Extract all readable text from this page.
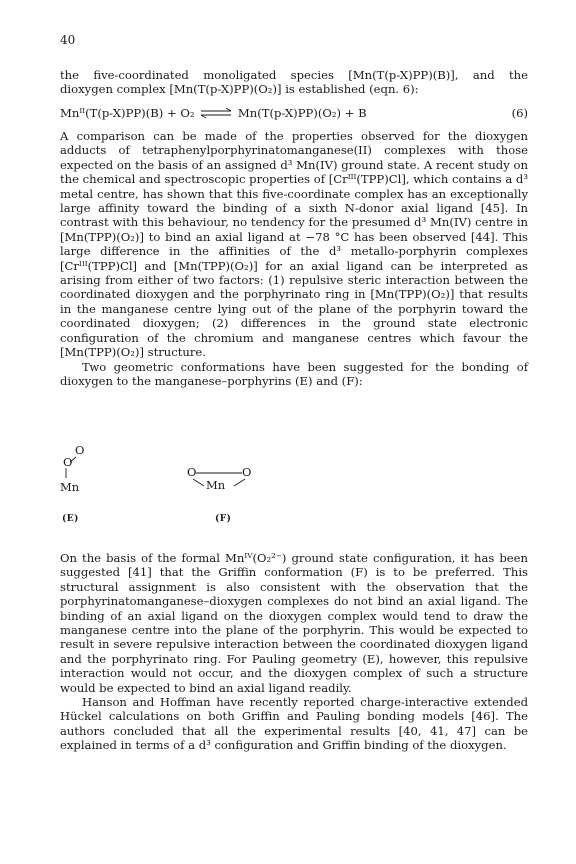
40

the five-coordinated monoligated species [Mn(T(p-X)PP)(B)], and the

dioxygen complex [Mn(T(p-X)PP)(O₂)] is established (eqn. 6):

Mnᴵᴵ(T(p-X)PP)(B) + O₂ ⇌ Mn(T(p-X)PP)(O₂) + B	(6)

A comparison can be made of the properties observed for the dioxygen adducts of tetraphenylporphyrinatomanganese(II) complexes with those expected on the basis of an assigned d³ Mn(IV) ground state. A recent study on the chemical and spectroscopic properties of [Crᴵᴵᴵ(TPP)Cl], which contains a d³ metal centre, has shown that this five-coordinate complex has an exceptionally large affinity toward the binding of a sixth N-donor axial ligand [45]. In contrast with this behaviour, no tendency for the presumed d³ Mn(IV) centre in [Mn(TPP)(O₂)] to bind an axial ligand at −78 °C has been observed [44]. This large difference in the affinities of the d³ metallo-porphyrin complexes [Crᴵᴵᴵ(TPP)Cl] and [Mn(TPP)(O₂)] for an axial ligand can be interpreted as arising from either of two factors: (1) repulsive steric interaction between the coordinated dioxygen and the porphyrinato ring in [Mn(TPP)(O₂)] that results in the manganese centre lying out of the plane of the porphyrin toward the coordinated dioxygen; (2) differences in the ground state electronic configuration of the chromium and manganese centres which favour the [Mn(TPP)(O₂)] structure.

Two geometric conformations have been suggested for the bonding of dioxygen to the manganese–porphyrins (E) and (F):

O
O
Mn
(E)
O	O
Mn
(F)

On the basis of the formal Mnᴵⱽ(O₂²⁻) ground state configuration, it has been suggested [41] that the Griffin conformation (F) is to be preferred. This structural assignment is also consistent with the observation that the porphyrinatomanganese–dioxygen complexes do not bind an axial ligand. The binding of an axial ligand on the dioxygen complex would tend to draw the manganese centre into the plane of the porphyrin. This would be expected to result in severe repulsive interaction between the coordinated dioxygen ligand and the porphyrinato ring. For Pauling geometry (E), however, this repulsive interaction would not occur, and the dioxygen complex of such a structure would be expected to bind an axial ligand readily.

Hanson and Hoffman have recently reported charge-interactive extended Hückel calculations on both Griffin and Pauling bonding models [46]. The authors concluded that all the experimental results [40, 41, 47] can be explained in terms of a d³ configuration and Griffin binding of the dioxygen.
